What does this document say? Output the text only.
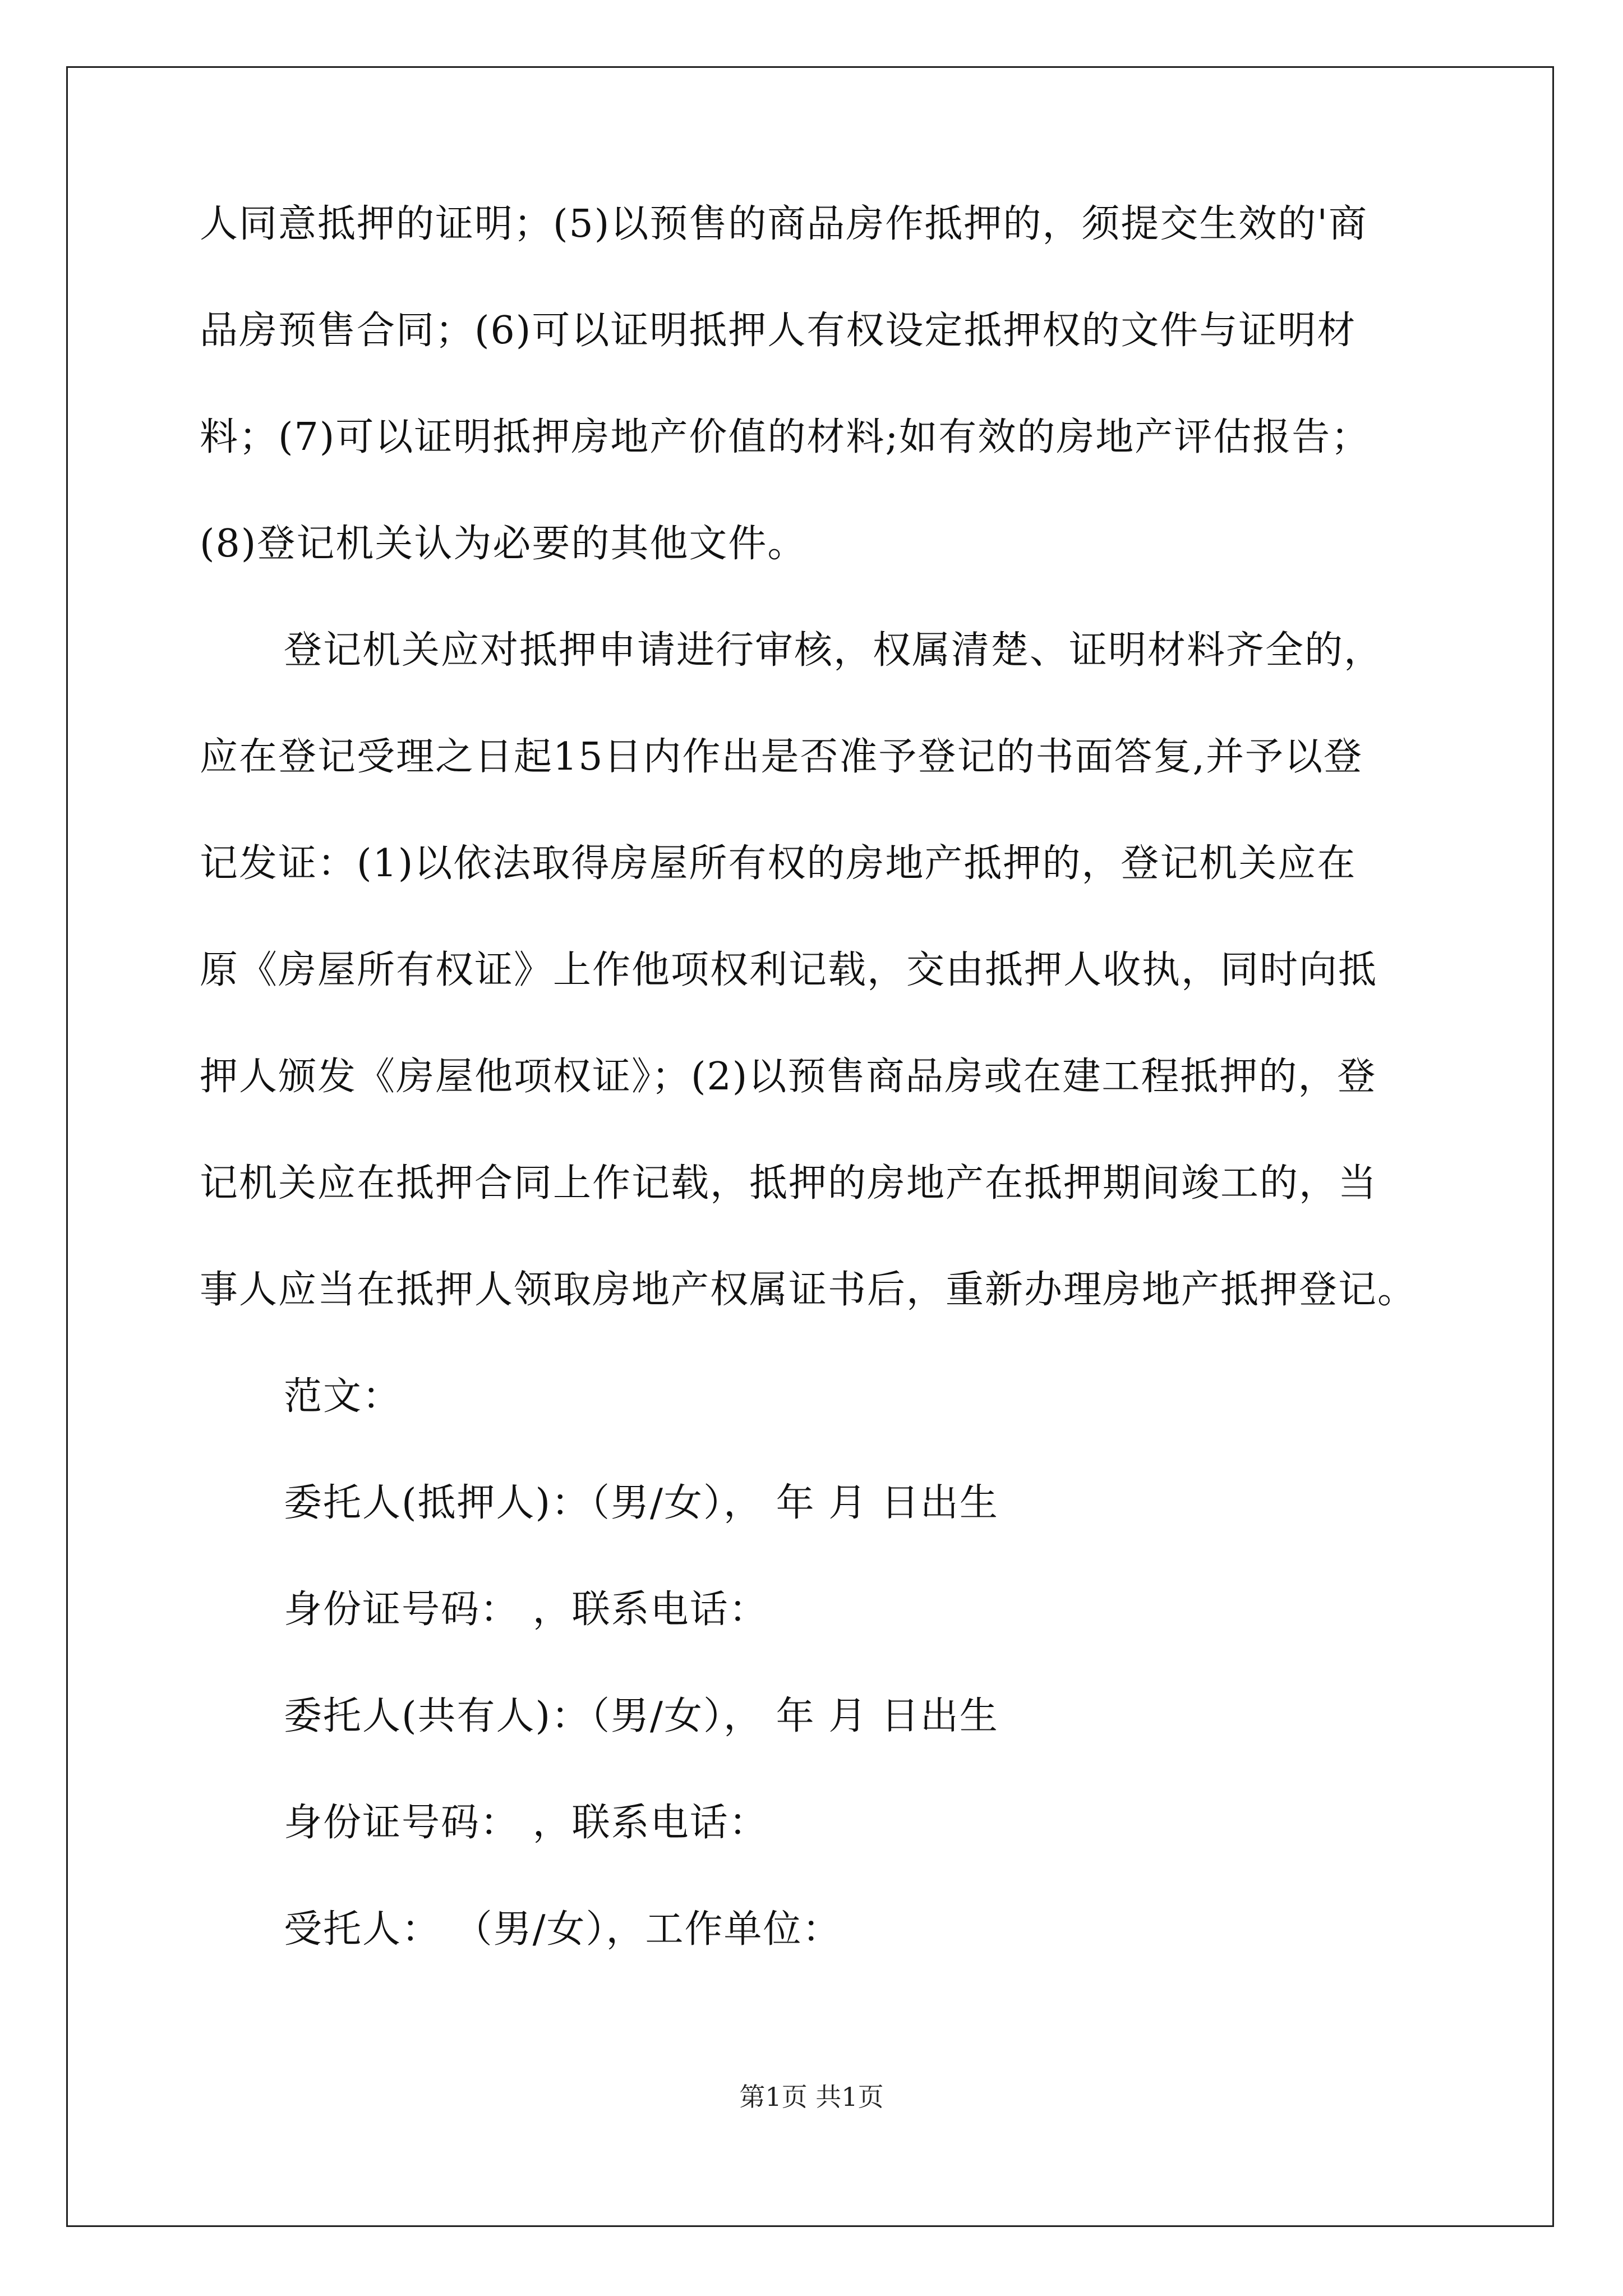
人同意抵押的证明；(5)以预售的商品房作抵押的，须提交生效的'商
品房预售合同；(6)可以证明抵押人有权设定抵押权的文件与证明材
料；(7)可以证明抵押房地产价值的材料;如有效的房地产评估报告；
(8)登记机关认为必要的其他文件。
登记机关应对抵押申请进行审核，权属清楚、证明材料齐全的，
应在登记受理之日起15日内作出是否准予登记的书面答复,并予以登
记发证：(1)以依法取得房屋所有权的房地产抵押的，登记机关应在
原《房屋所有权证》上作他项权利记载，交由抵押人收执，同时向抵
押人颁发《房屋他项权证》；(2)以预售商品房或在建工程抵押的，登
记机关应在抵押合同上作记载，抵押的房地产在抵押期间竣工的，当
事人应当在抵押人领取房地产权属证书后，重新办理房地产抵押登记。
范文：
委托人(抵押人)：（男/女）， 年 月 日出生
身份证号码： ，联系电话：
委托人(共有人)：（男/女）， 年 月 日出生
身份证号码： ，联系电话：
受托人： （男/女），工作单位：
第1页 共1页
